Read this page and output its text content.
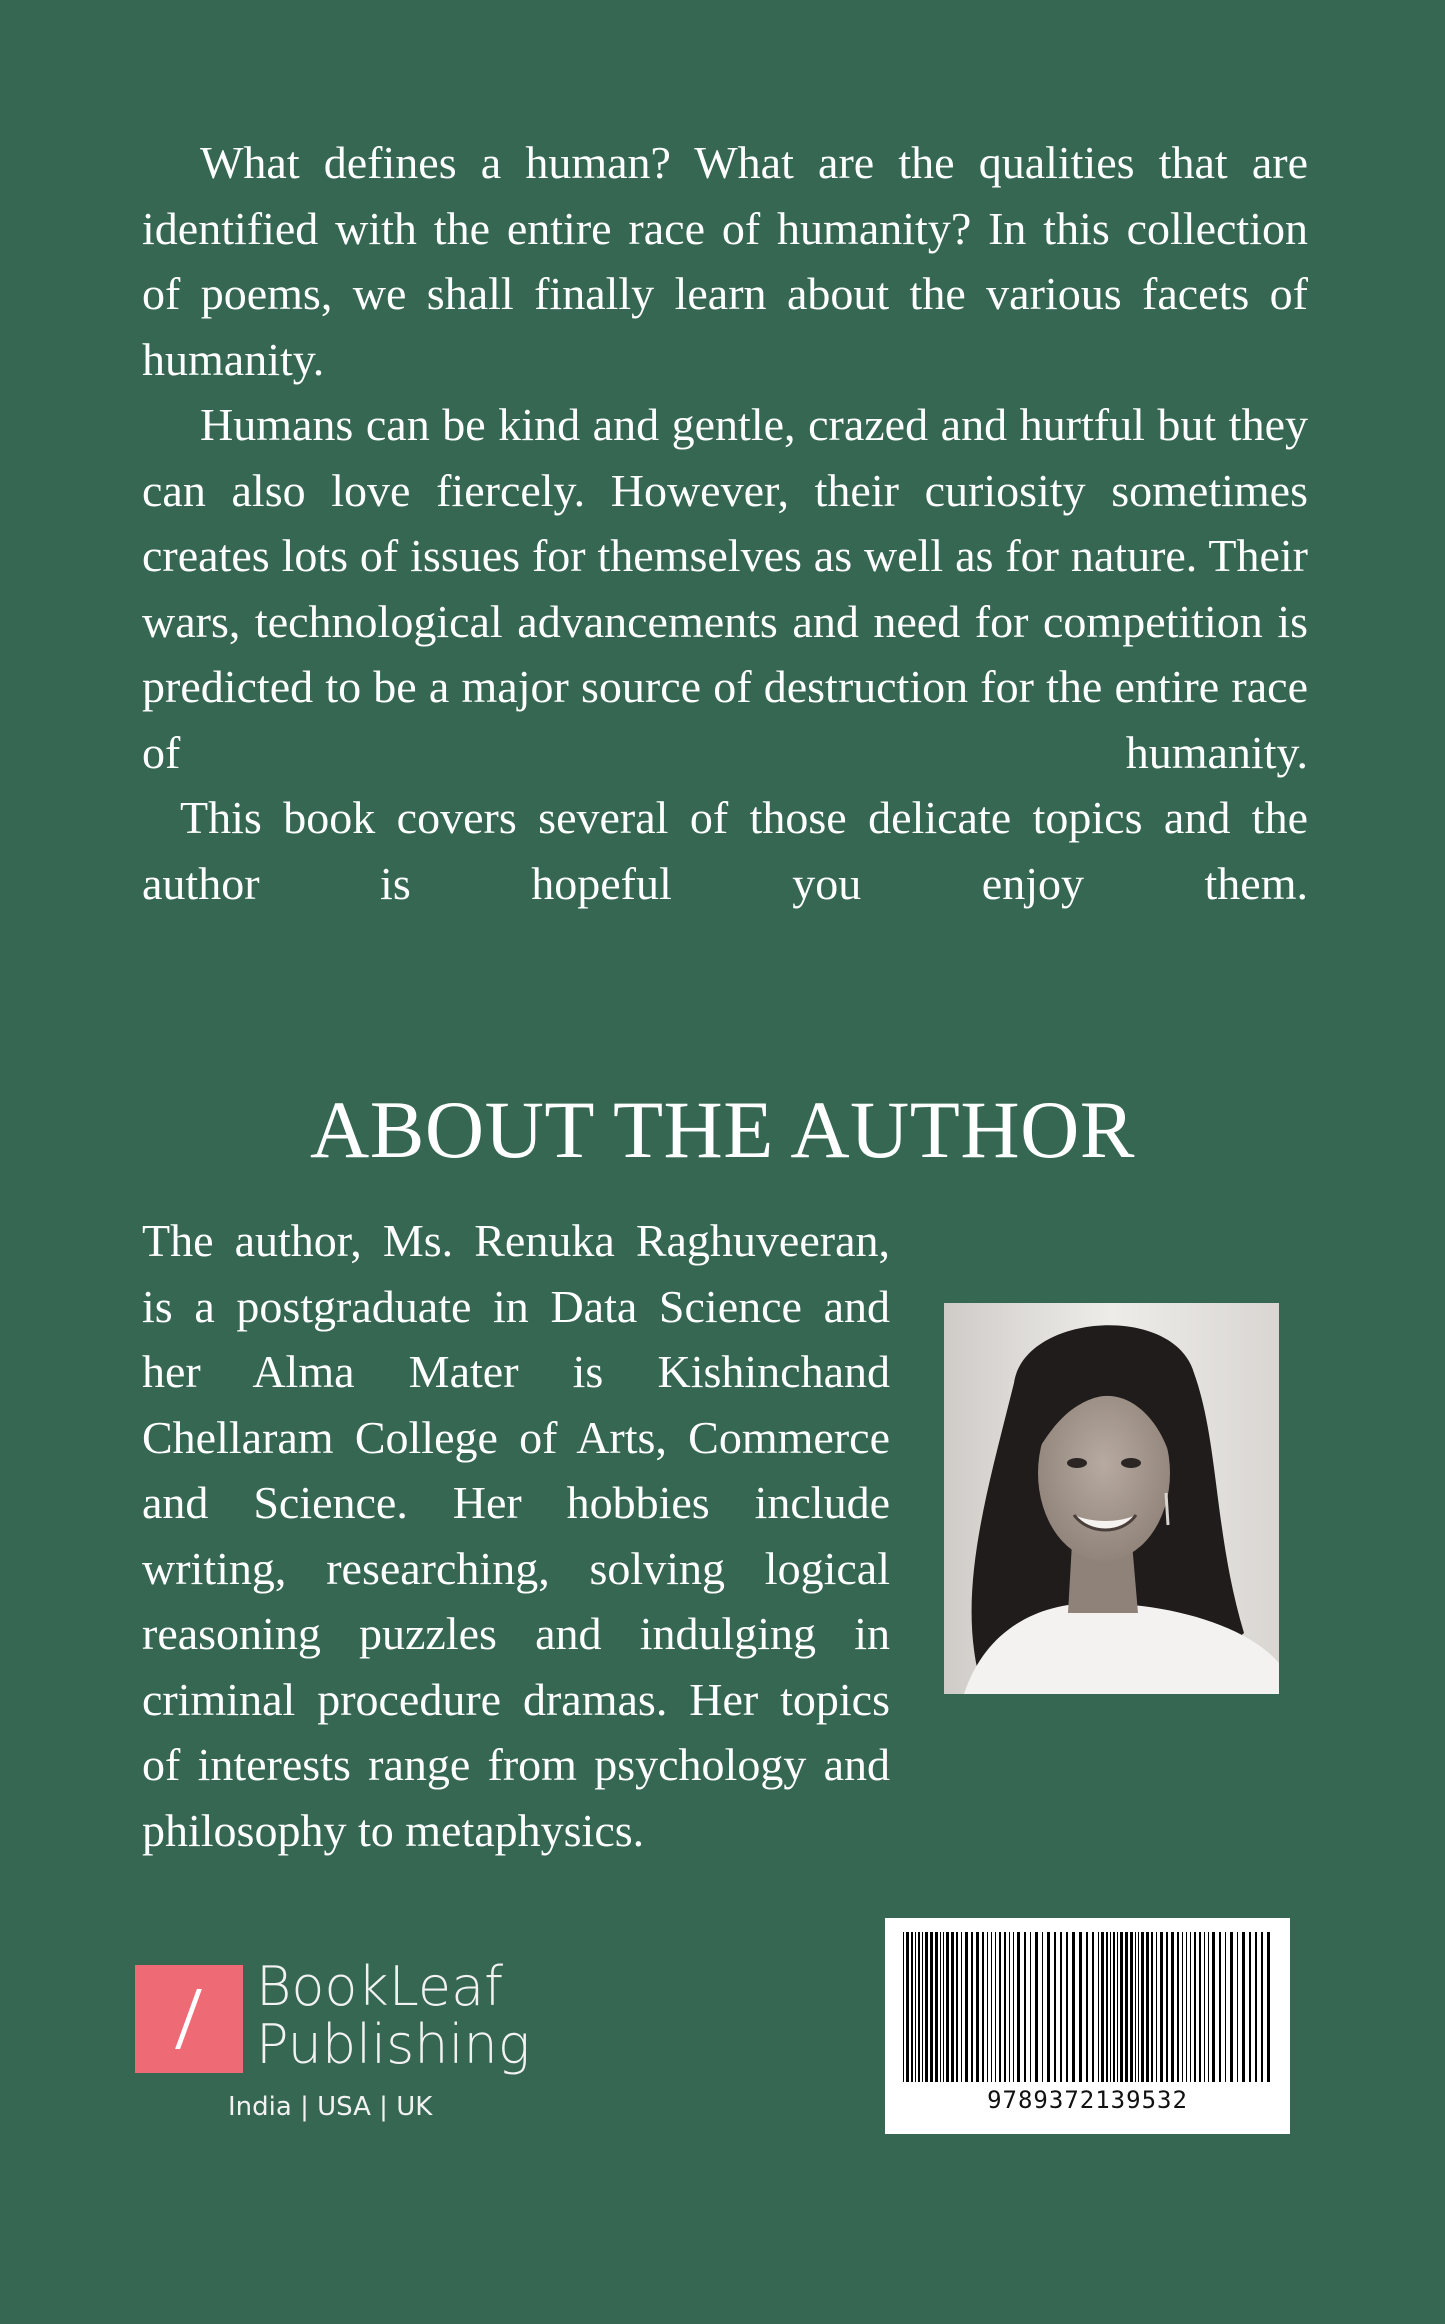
What defines a human? What are the qualities that are identified with the entire race of humanity? In this collection of poems, we shall finally learn about the various facets of humanity.

Humans can be kind and gentle, crazed and hurtful but they can also love fiercely. However, their curiosity sometimes creates lots of issues for themselves as well as for nature. Their wars, technological advancements and need for competition is predicted to be a major source of destruction for the entire race of humanity.

This book covers several of those delicate topics and the author is hopeful you enjoy them.

ABOUT THE AUTHOR

The author, Ms. Renuka Raghuveeran, is a postgraduate in Data Science and her Alma Mater is Kishinchand Chellaram College of Arts, Commerce and Science. Her hobbies include writing, researching, solving logical reasoning puzzles and indulging in criminal procedure dramas. Her topics of interests range from psychology and philosophy to metaphysics.

9789372139532
BookLeaf
Publishing
India | USA | UK
